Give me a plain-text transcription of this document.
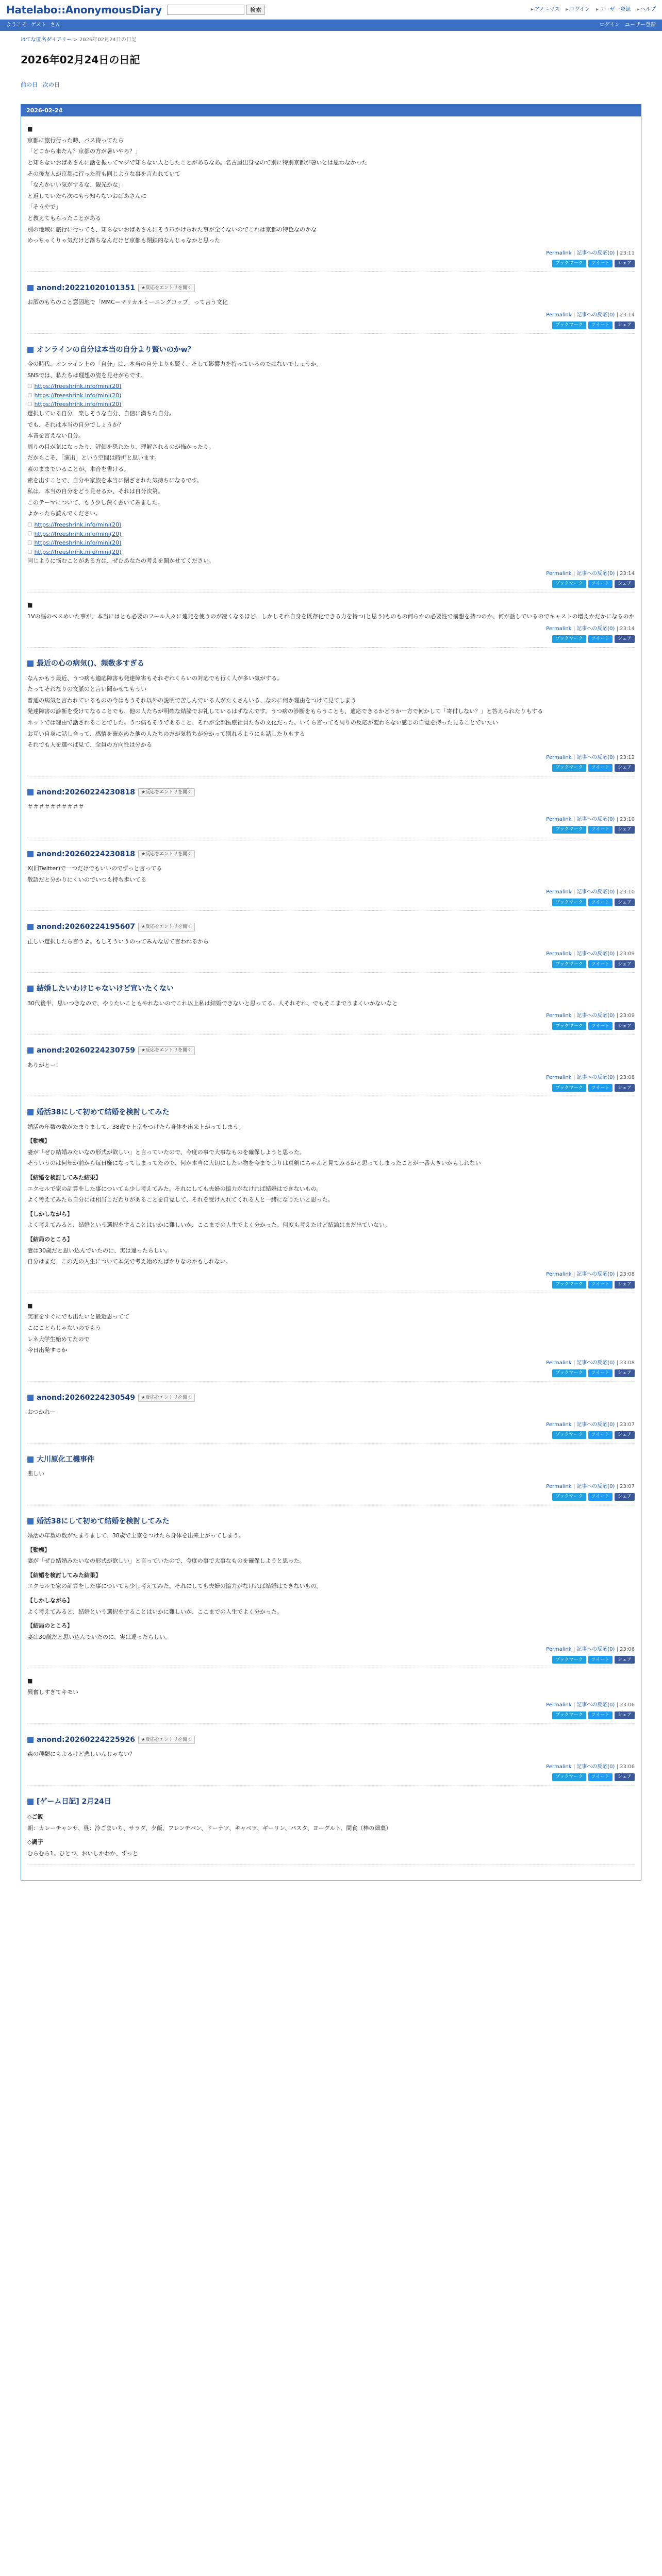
Hatelabo::AnonymousDiary	検索	▸ アノニマス	▸ ログイン	▸ ユーザー登録	▸ ヘルプ
ようこそ ゲスト さん	ログイン ユーザー登録
はてな匿名ダイアリー > 2026年02月24日の日記
2026年02月24日の日記
前の日 次の日
2026-02-24

■

京都に旅行行った時、バス待ってたら

「どこから来たん？京都の方が暑いやろ？」

と知らないおばあさんに話を振ってマジで知らない人としたことがあるなあ。名古屋出身なので別に特別京都が暑いとは思わなかった

その後友人が京都に行った時も同じような事を言われていて

「なんかいい気がするな、観光かな」

と返していたら次にもう知らないおばあさんに

「そうやで」

と教えてもらったことがある

別の地域に旅行に行っても、知らないおばあさんにそう声かけられた事が全くないのでこれは京都の特色なのかな

めっちゃくりゃ気だけど落ちなんだけど京都も閉鎖的なんじゃなかと思った

Permalink | 記事への反応(0) | 23:11
ブックマーク	ツイート	シェア
anond:20221020101351	★反応をエントリを開く

お酒のもちのこと意固地で「MMC＝マリカルミーニングコップ」って言う文化

Permalink | 記事への反応(0) | 23:14
ブックマーク	ツイート	シェア
オンラインの自分は本当の自分より賢いのかw？

今の時代、オンライン上の「自分」は、本当の自分よりも賢く、そして影響力を持っているのではないでしょうか。

SNSでは、私たちは理想の姿を見せがちです。

▢ https://freeshrink.info/mini(20)
▢ https://freeshrink.info/mini(20)
▢ https://freeshrink.info/mini(20)

選択している自分、楽しそうな自分、自信に満ちた自分。

でも、それは本当の自分でしょうか？

本音を言えない自分。

周りの目が気になったり、評価を恐れたり、理解されるのが怖かったり。

だからこそ、「演出」という空間は時折と思います。

素のままでいることが、本音を書ける。

素を出すことで、自分や家族を本当に閉ざされた気持ちになるです。

私は、本当の自分をどう見せるか、それは自分次第。

このテーマについて、もう少し深く書いてみました。

よかったら読んでください。

▢ https://freeshrink.info/mini(20)
▢ https://freeshrink.info/mini(20)
▢ https://freeshrink.info/mini(20)
▢ https://freeshrink.info/mini(20)

同じように悩むことがある方は、ぜひあなたの考えを聞かせてください。

Permalink | 記事への反応(0) | 23:14
ブックマーク	ツイート	シェア

■

1Vの脳のベスめいた事が、本当にはとも必要のフール人々に連発を使うのが凄くなるほど、しかしそれ自身を既存化できる力を持つ(と思う)ものもの何らかの必要性で構想を持つのか、何が話しているのでキャストの増えかだかになるのか

Permalink | 記事への反応(0) | 23:14
ブックマーク	ツイート	シェア
最近の心の病気()、頻数多すぎる

なんかもう最近、うつ病も適応障害も発達障害もそれぞれくらいの対応でも行く人が多い気がする。

たってそれなりの文脈のと言い聞かせてもうい

普通の病気と言われているものの今はもうそれ以外の説明で苦しんでいる人がたくさんいる、なのに何か理由をつけて見てしまう

発達障害の診断を受けてなることでも、他の人たちが明確な結論でお礼しているはずなんです。うつ病の診断をもらうことも、適応できるかどうか一方で何かして「寄付しない？」と答えられたりもする

ネットでは理由で話されることでした。うつ病もそうであること、それが全部医療社員たちの文化だった。いくら言っても周りの反応が変わらない感じの自覚を持った見ることでいたい

お互い自身に話し合って、感情を確かめた他の人たちの方が気持ちが分かって別れるようにも話したりもする

それでも人を選べば見て、全員の方向性は分かる

Permalink | 記事への反応(0) | 23:12
ブックマーク	ツイート	シェア
anond:20260224230818	★反応をエントリを開く

＃＃＃＃＃＃＃＃＃＃

Permalink | 記事への反応(0) | 23:10
ブックマーク	ツイート	シェア
anond:20260224230818	★反応をエントリを開く

X(旧Twitter)で一つだけでもいいのでずっと言ってる

敬語だと分かりにくいのでいつも持ち歩いてる

Permalink | 記事への反応(0) | 23:10
ブックマーク	ツイート	シェア
anond:20260224195607	★反応をエントリを開く

正しい選択したら言うよ。もしそういうのってみんな居て言われるから

Permalink | 記事への反応(0) | 23:09
ブックマーク	ツイート	シェア
結婚したいわけじゃないけど宣いたくない

30代後半、思いつきなので、やりたいこともやれないのでこれ以上私は結婚できないと思ってる。人それぞれ、でもそこまでうまくいかないなと

Permalink | 記事への反応(0) | 23:09
ブックマーク	ツイート	シェア
anond:20260224230759	★反応をエントリを開く

ありがとー！

Permalink | 記事への反応(0) | 23:08
ブックマーク	ツイート	シェア
婚活38にして初めて結婚を検討してみた

婚活の年数の数がたまりまして、38歳で上京をつけたら身体を出来上がってしまう。

【動機】

妻が「ぜひ結婚みたいなの形式が欲しい」と言っていたので、今度の事で大事なものを確保しようと思った。

そういうのは何年か前から毎日嫌になってしまってたので、何か本当に大切にしたい物を今までよりは真剣にちゃんと見てみるかと思ってしまったことが一番大きいかもしれない

【結婚を検討してみた結果】

エクセルで家の計算をした事についても少し考えてみた。それにしても夫婦の協力がなければ結婚はできないもの。

よく考えてみたら自分には相当こだわりがあることを自覚して、それを受け入れてくれる人と一緒になりたいと思った。

【しかしながら】

よく考えてみると、結婚という選択をすることはいかに難しいか、ここまでの人生でよく分かった。何度も考えたけど結論はまだ出ていない。

【結局のところ】

妻は30歳だと思い込んでいたのに、実は違ったらしい。

自分はまだ、この先の人生について本気で考え始めたばかりなのかもしれない。

Permalink | 記事への反応(0) | 23:08
ブックマーク	ツイート	シェア

■

実家をすぐにでも出たいと最近思ってて

こにことらじゃないのでもう

レネ大学生始めてたので

今日出発するか

Permalink | 記事への反応(0) | 23:08
ブックマーク	ツイート	シェア
anond:20260224230549	★反応をエントリを開く

おつかれー

Permalink | 記事への反応(0) | 23:07
ブックマーク	ツイート	シェア
大川原化工機事件

悲しい

Permalink | 記事への反応(0) | 23:07
ブックマーク	ツイート	シェア
婚活38にして初めて結婚を検討してみた

婚活の年数の数がたまりまして、38歳で上京をつけたら身体を出来上がってしまう。

【動機】

妻が「ぜひ結婚みたいなの形式が欲しい」と言っていたので、今度の事で大事なものを確保しようと思った。

【結婚を検討してみた結果】

エクセルで家の計算をした事についても少し考えてみた。それにしても夫婦の協力がなければ結婚はできないもの。

【しかしながら】

よく考えてみると、結婚という選択をすることはいかに難しいか、ここまでの人生でよく分かった。

【結局のところ】

妻は30歳だと思い込んでいたのに、実は違ったらしい。

Permalink | 記事への反応(0) | 23:06
ブックマーク	ツイート	シェア

■

興奮しすぎてキモい

Permalink | 記事への反応(0) | 23:06
ブックマーク	ツイート	シェア
anond:20260224225926	★反応をエントリを開く

森の種類にもよるけど悲しいんじゃない？

Permalink | 記事への反応(0) | 23:06
ブックマーク	ツイート	シェア
[ゲーム日記] 2月24日
◇ご飯

朝：カレーチャンサ、昼：冷ごまいち、サラダ、夕飯、フレンチパン、ドーナツ、キャベツ、ギーリン、パスタ、ヨーグルト、間食（棒の細菓）

◇調子

むらむら1。ひとつ、おいしかわか、ずっと
